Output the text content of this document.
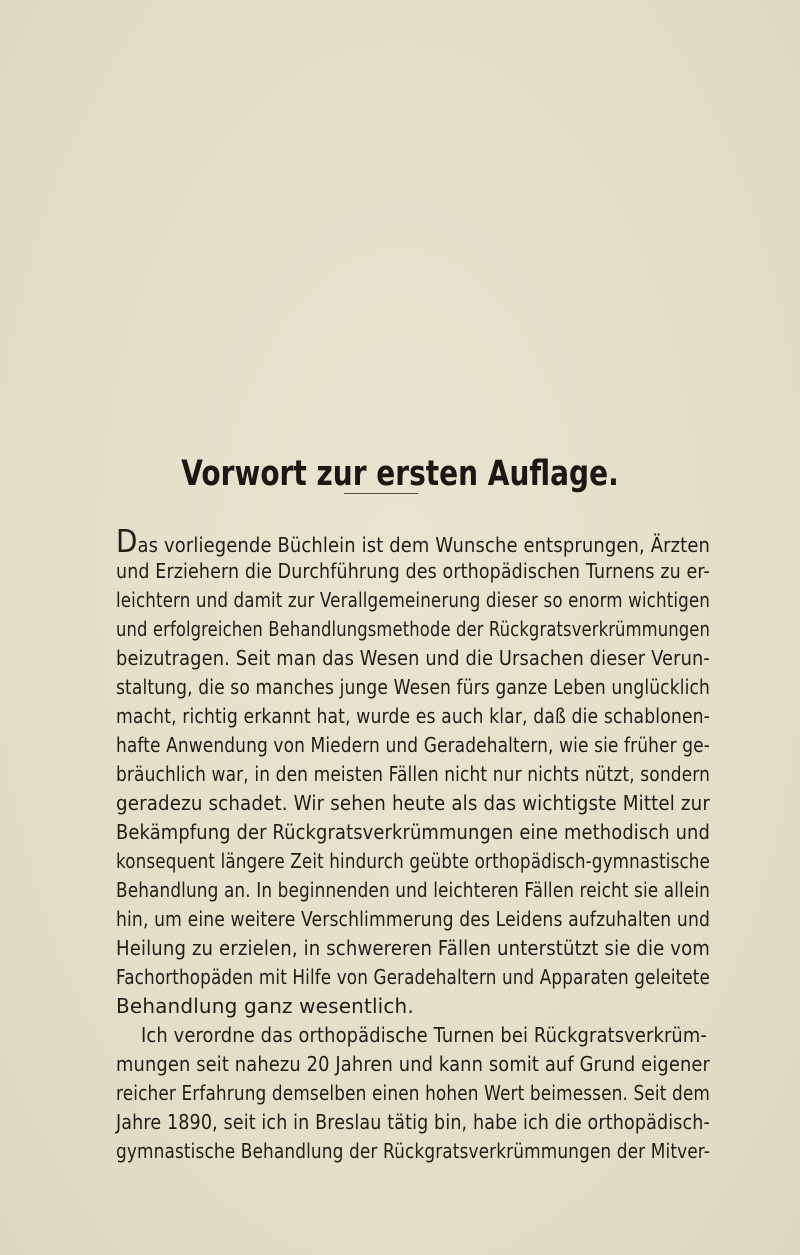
Vorwort zur ersten Auflage.
Das vorliegende Büchlein ist dem Wunsche entsprungen, Ärzten
und Erziehern die Durchführung des orthopädischen Turnens zu er-
leichtern und damit zur Verallgemeinerung dieser so enorm wichtigen
und erfolgreichen Behandlungsmethode der Rückgratsverkrümmungen
beizutragen. Seit man das Wesen und die Ursachen dieser Verun-
staltung, die so manches junge Wesen fürs ganze Leben unglücklich
macht, richtig erkannt hat, wurde es auch klar, daß die schablonen-
hafte Anwendung von Miedern und Geradehaltern, wie sie früher ge-
bräuchlich war, in den meisten Fällen nicht nur nichts nützt, sondern
geradezu schadet. Wir sehen heute als das wichtigste Mittel zur
Bekämpfung der Rückgratsverkrümmungen eine methodisch und
konsequent längere Zeit hindurch geübte orthopädisch-gymnastische
Behandlung an. In beginnenden und leichteren Fällen reicht sie allein
hin, um eine weitere Verschlimmerung des Leidens aufzuhalten und
Heilung zu erzielen, in schwereren Fällen unterstützt sie die vom
Fachorthopäden mit Hilfe von Geradehaltern und Apparaten geleitete
Behandlung ganz wesentlich.
Ich verordne das orthopädische Turnen bei Rückgratsverkrüm-
mungen seit nahezu 20 Jahren und kann somit auf Grund eigener
reicher Erfahrung demselben einen hohen Wert beimessen. Seit dem
Jahre 1890, seit ich in Breslau tätig bin, habe ich die orthopädisch-
gymnastische Behandlung der Rückgratsverkrümmungen der Mitver-
